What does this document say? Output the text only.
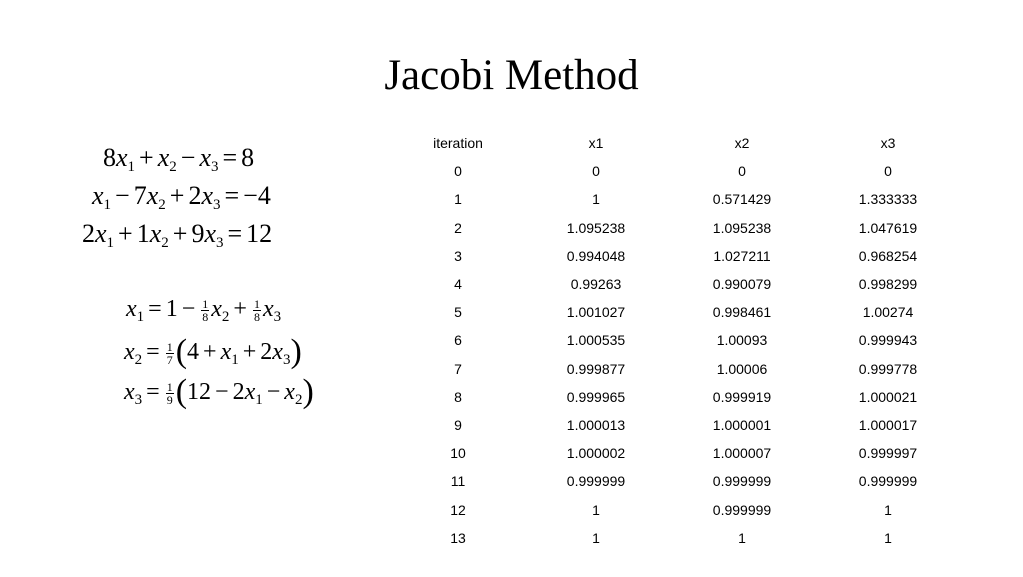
Jacobi Method
$8x_1 + x_2 - x_3 = 8$
$x_1 - 7x_2 + 2x_3 = -4$
$2x_1 + 1x_2 + 9x_3 = 12$
$x_1 = 1 - \frac{1}{8} x_2 + \frac{1}{8} x_3$
$x_2 = \frac{1}{7} (4 + x_1 + 2x_3)$
$x_3 = \frac{1}{9} (12 - 2x_1 - x_2)$
iteration	x1	x2	x3
0	0	0	0
1	1	0.571429	1.333333
2	1.095238	1.095238	1.047619
3	0.994048	1.027211	0.968254
4	0.99263	0.990079	0.998299
5	1.001027	0.998461	1.00274
6	1.000535	1.00093	0.999943
7	0.999877	1.00006	0.999778
8	0.999965	0.999919	1.000021
9	1.000013	1.000001	1.000017
10	1.000002	1.000007	0.999997
11	0.999999	0.999999	0.999999
12	1	0.999999	1
13	1	1	1
